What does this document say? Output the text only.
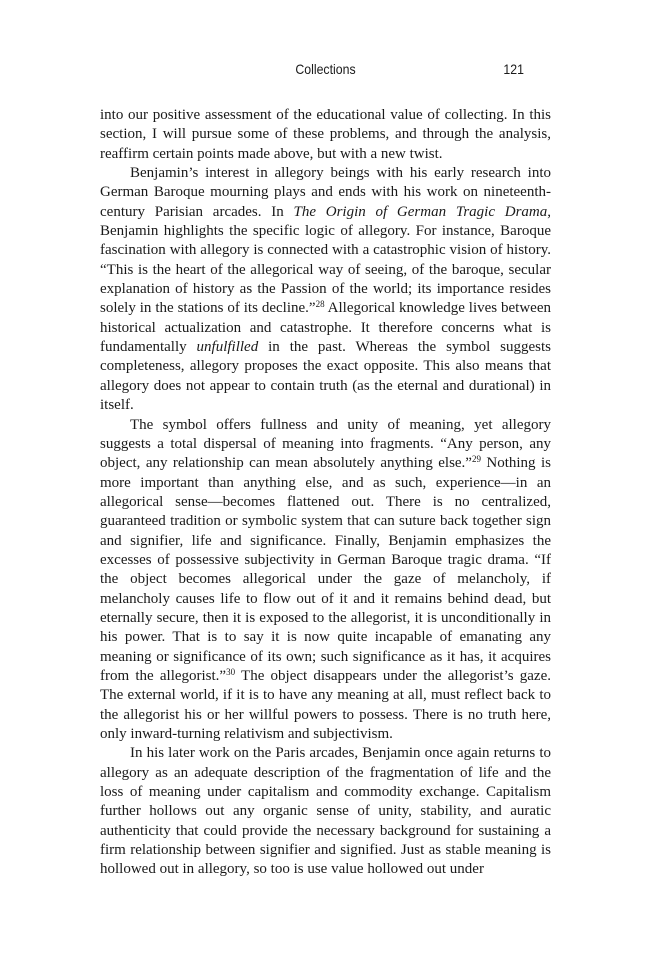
Collections	121

into our positive assessment of the educational value of collecting. In this section, I will pursue some of these problems, and through the analysis, reaffirm certain points made above, but with a new twist.

Benjamin’s interest in allegory beings with his early research into German Baroque mourning plays and ends with his work on nineteenth-century Parisian arcades. In The Origin of German Tragic Drama, Benjamin highlights the specific logic of allegory. For instance, Baroque fascination with allegory is connected with a catastrophic vision of history. “This is the heart of the allegorical way of seeing, of the baroque, secular explanation of history as the Passion of the world; its importance resides solely in the stations of its decline.”$^{28}$ Allegorical knowledge lives between historical actualization and catastrophe. It therefore concerns what is fundamentally unfulfilled in the past. Whereas the symbol suggests completeness, allegory proposes the exact opposite. This also means that allegory does not appear to contain truth (as the eternal and durational) in itself.

The symbol offers fullness and unity of meaning, yet allegory suggests a total dispersal of meaning into fragments. “Any person, any object, any relationship can mean absolutely anything else.”$^{29}$ Nothing is more important than anything else, and as such, experience—in an allegorical sense—becomes flattened out. There is no centralized, guaranteed tradition or symbolic system that can suture back together sign and signifier, life and significance. Finally, Benjamin emphasizes the excesses of possessive subjectivity in German Baroque tragic drama. “If the object becomes allegorical under the gaze of melancholy, if melancholy causes life to flow out of it and it remains behind dead, but eternally secure, then it is exposed to the allegorist, it is unconditionally in his power. That is to say it is now quite incapable of emanating any meaning or significance of its own; such significance as it has, it acquires from the allegorist.”$^{30}$ The object disappears under the allegorist’s gaze. The external world, if it is to have any meaning at all, must reflect back to the allegorist his or her willful powers to possess. There is no truth here, only inward-turning relativism and subjectivism.

In his later work on the Paris arcades, Benjamin once again returns to allegory as an adequate description of the fragmentation of life and the loss of meaning under capitalism and commodity exchange. Capitalism further hollows out any organic sense of unity, stability, and auratic authenticity that could provide the necessary background for sustaining a firm relationship between signifier and signified. Just as stable meaning is hollowed out in allegory, so too is use value hollowed out under
